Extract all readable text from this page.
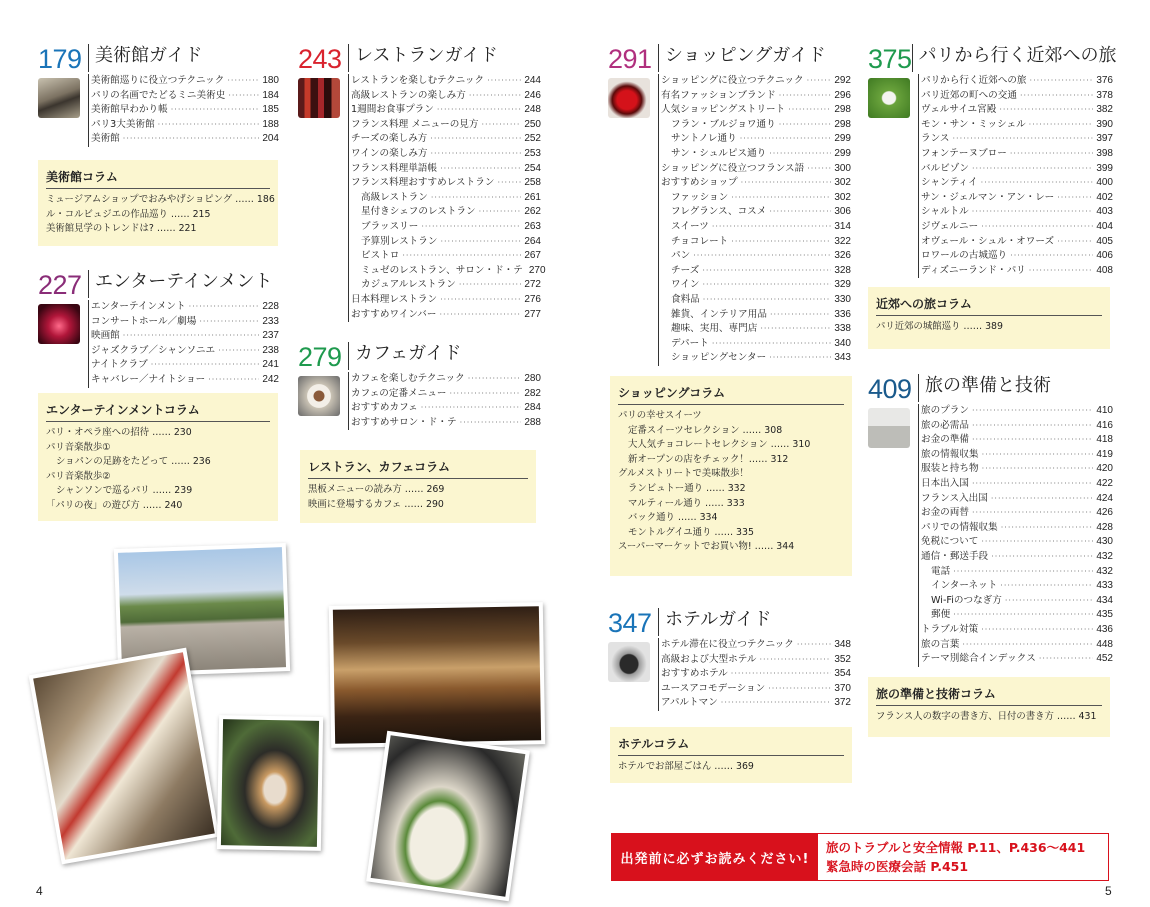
179 美術館ガイド
美術館巡りに役立つテクニック ·····	180
パリの名画でたどるミニ美術史 ·····	184
美術館早わかり帳 ·····	185
パリ3大美術館 ·····	188
美術館 ·····	204
227 エンターテインメント
エンターテインメント ·····	228
コンサートホール／劇場 ·····	233
映画館 ·····	237
ジャズクラブ／シャンソニエ ·····	238
ナイトクラブ ·····	241
キャバレー／ナイトショー ·····	242
243 レストランガイド
レストランを楽しむテクニック ·····	244
高級レストランの楽しみ方 ·····	246
1週間お食事プラン ·····	248
フランス料理 メニューの見方 ·····	250
チーズの楽しみ方 ·····	252
ワインの楽しみ方 ·····	253
フランス料理単語帳 ·····	254
フランス料理おすすめレストラン ·····	258
高級レストラン ·····	261
星付きシェフのレストラン ·····	262
ブラッスリー ·····	263
予算別レストラン ·····	264
ビストロ ·····	267
ミュゼのレストラン、サロン・ド・テ 270
カジュアルレストラン ·····	272
日本料理レストラン ·····	276
おすすめワインバー ·····	277
279 カフェガイド
カフェを楽しむテクニック ·····	280
カフェの定番メニュー ·····	282
おすすめカフェ ·····	284
おすすめサロン・ド・テ ·····	288
291 ショッピングガイド
ショッピングに役立つテクニック ·····	292
有名ファッションブランド ·····	296
人気ショッピングストリート ·····	298
フラン・ブルジョワ通り ·····	298
サントノレ通り ·····	299
サン・シュルピス通り ·····	299
ショッピングに役立つフランス語 ·····	300
おすすめショップ ·····	302
ファッション ·····	302
フレグランス、コスメ ·····	306
スイーツ ·····	314
チョコレート ·····	322
パン ·····	326
チーズ ·····	328
ワイン ·····	329
食料品 ·····	330
雑貨、インテリア用品 ·····	336
趣味、実用、専門店 ·····	338
デパート ·····	340
ショッピングセンター ·····	343
347 ホテルガイド
ホテル滞在に役立つテクニック ·····	348
高級および大型ホテル ·····	352
おすすめホテル ·····	354
ユースアコモデーション ·····	370
アパルトマン ·····	372
375 パリから行く近郊への旅
パリから行く近郊への旅 ·····	376
パリ近郊の町への交通 ·····	378
ヴェルサイユ宮殿 ·····	382
モン・サン・ミッシェル ·····	390
ランス ·····	397
フォンテーヌブロー ·····	398
バルビゾン ·····	399
シャンティイ ·····	400
サン・ジェルマン・アン・レー ·····	402
シャルトル ·····	403
ジヴェルニー ·····	404
オヴェール・シュル・オワーズ ·····	405
ロワールの古城巡り ·····	406
ディズニーランド・パリ ·····	408
409 旅の準備と技術
旅のプラン ·····	410
旅の必需品 ·····	416
お金の準備 ·····	418
旅の情報収集 ·····	419
服装と持ち物 ·····	420
日本出入国 ·····	422
フランス入出国 ·····	424
お金の両替 ·····	426
パリでの情報収集 ·····	428
免税について ·····	430
通信・郵送手段 ·····	432
電話 ·····	432
インターネット ·····	433
Wi-Fiのつなぎ方 ·····	434
郵便 ·····	435
トラブル対策 ·····	436
旅の言葉 ·····	448
テーマ別総合インデックス ·····	452
美術館コラム
ミュージアムショップでおみやげショピング …… 186
ル・コルビュジエの作品巡り …… 215
美術館見学のトレンドは? …… 221
エンターテインメントコラム
パリ・オペラ座への招待 …… 230
パリ音楽散歩①
ショパンの足跡をたどって …… 236
パリ音楽散歩②
シャンソンで巡るパリ …… 239
「パリの夜」の遊び方 …… 240
レストラン、カフェコラム
黒板メニューの読み方 …… 269
映画に登場するカフェ …… 290
ショッピングコラム
パリの幸せスイーツ
定番スイーツセレクション …… 308
大人気チョコレートセレクション …… 310
新オープンの店をチェック！…… 312
グルメストリートで美味散歩！
ランビュトー通り …… 332
マルティール通り …… 333
バック通り …… 334
モントルグイユ通り …… 335
スーパーマーケットでお買い物! …… 344
ホテルコラム
ホテルでお部屋ごはん …… 369
近郊への旅コラム
パリ近郊の城館巡り …… 389
旅の準備と技術コラム
フランス人の数字の書き方、日付の書き方 …… 431
出発前に必ずお読みください!
旅のトラブルと安全情報 P.11、P.436～441
緊急時の医療会話 P.451
4	5
